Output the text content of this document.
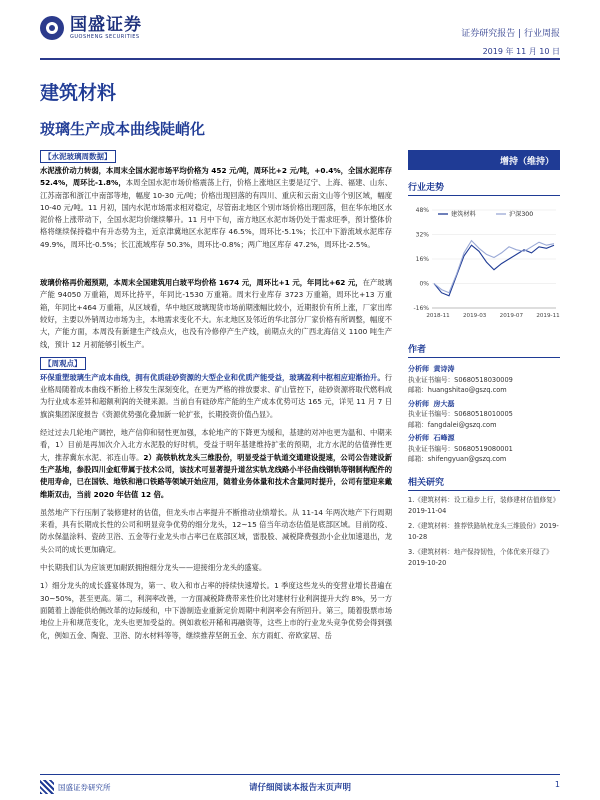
国盛证券
GUOSHENG SECURITIES	证券研究报告 | 行业周报
2019 年 11 月 10 日
建筑材料
玻璃生产成本曲线陡峭化
【水泥玻璃周数据】
水泥涨价动力转弱，本周末全国水泥市场平均价格为 452 元/吨，周环比+2 元/吨，+0.4%，全国水泥库存 52.4%，周环比-1.8%，本周全国水泥市场价格震荡上行，价格上涨地区主要是辽宁、上海、福建、山东、江苏南部和浙江中南部等地，幅度 10-30 元/吨；价格出现回落的有四川、重庆和云南文山等个别区域，幅度 10-40 元/吨。11 月初，国内水泥市场需求相对稳定，尽管南北地区个别市场价格出现回落，但在华东地区水泥价格上涨带动下，全国水泥均价继续攀升。11 月中下旬，南方地区水泥市场仍处于需求旺季，预计整体价格将继续保持稳中有升态势为主，近京津冀地区水泥库存 46.5%，周环比-5.1%；长江中下游流域水泥库存 49.9%，周环比-0.5%；长江流域库存 50.3%，周环比-0.8%；两广地区库存 47.2%，周环比-2.5%。
玻璃价格再价超预期，本周末全国建筑用白玻平均价格 1674 元，周环比+1 元，年同比+62 元，在产玻璃产能 94050 万重箱，周环比持平，年同比-1530 万重箱。周末行业库存 3723 万重箱，周环比+13 万重箱，年同比+464 万重箱，从区域看，华中地区玻璃现货市场前期涨幅比较小，近期报价有所上涨，厂家出库较好，主要以外销周边市场为主，本地需求变化不大。东北地区及邻近的华北部分厂家价格有所调整，幅度不大，产能方面，本周没有新建生产线点火，也没有冷修停产生产线，前期点火的广西北海信义 1100 吨生产线，预计 12 月初能够引板生产。
【周观点】
环保重塑玻璃生产成本曲线，拥有优质硅砂资源的大型企业和优质产能受益，玻璃盈利中枢相应迎渐抬升。行业格局随着成本曲线不断抬上移发生深刻变化，在更为严格的排放要求、矿山管控下，硅砂资源将取代燃料成为行业成本差异和超额利润的关键来源。当前自有硅砂库产能的生产成本优势可达 165 元，详见 11 月 7 日旗滨集团深度报告《资源优势强化叠加新一轮扩张，长期投资价值凸显》。
经过过去几轮地产调控，地产信仰和韧性更加强，本轮地产的下降更为缓和，基建的对冲也更为温和、中期来看，1）目前是再加次介入北方水泥股的好时机，受益于明年基建维持扩张的预期，北方水泥的估值弹性更大，推荐冀东水泥、祁连山等。2）高铁轨枕龙头三维股份，明显受益于轨道交通建设提速，公司公告建设新生产基地，参股四川金虹带属于技术公司，该技术可显著提升道岔实轨龙线路小半径曲线钢轨等钢制构配件的使用寿命，已在国铁、地铁和港口铁路等领域开始应用，随着业务体量和技术含量同时提升，公司有望迎来戴维斯双击，当前 2020 年估值 12 倍。
虽然地产下行压制了装修建材的估值，但龙头市占率提升不断推动业绩增长。从 11-14 年两次地产下行周期来看，具有长期成长性的公司和明显竞争优势的细分龙头，12~15 倍当年动态估值是底部区域。目前防疫、防水保温涂料、瓷砖卫浴、五金等行业龙头市占率已在底部区域，雷股股、减税降费强劲小企业加速退出，龙头公司的成长更加确定。
中长期我们认为应该更加耐跃拥抱细分龙头——迎接细分龙头的盛宴。
1）细分龙头的成长盛宴体现为，第一、收入和市占率的持续快速增长。1 季度这些龙头的变营业增长普遍在 30~50%，甚至更高。第二，利润率改善，一方面减税降费带来性价比对建材行业利润提升大约 8%，另一方面随着上游能供给侧改革的边际缓和，中下游制造业重新定价周期中利润率会有所回升。第三，随着股票市场地位上升和规范变化，龙头也更加受益的。例如救松开稀和再融资等，这些上市的行业龙头竞争优势会得到强化，例如五金、陶瓷、卫浴、防水材料等等，继续推荐坚朗五金、东方雨虹、帝欧家居、岳
增持（维持）
行业走势
48%
32%
16%
0%
-16%
2018-11 2019-03 2019-07 2019-11
建筑材料	沪深300
作者
分析师 黄诗涛
执业证书编号：S0680518030009
邮箱：huangshitao@gszq.com
分析师 房大磊
执业证书编号：S0680518010005
邮箱：fangdalei@gszq.com
分析师 石峰源
执业证书编号：S0680519080001
邮箱：shifengyuan@gszq.com
相关研究
1.《建筑材料：设工稳步上行，装修建材估值修复》2019-11-04
2.《建筑材料：推荐铁路轨枕龙头三维股份》2019-10-28
3.《建筑材料：地产保持韧性，个体优来开绿了》2019-10-20
国盛证券研究所	请仔细阅读本报告末页声明	1
